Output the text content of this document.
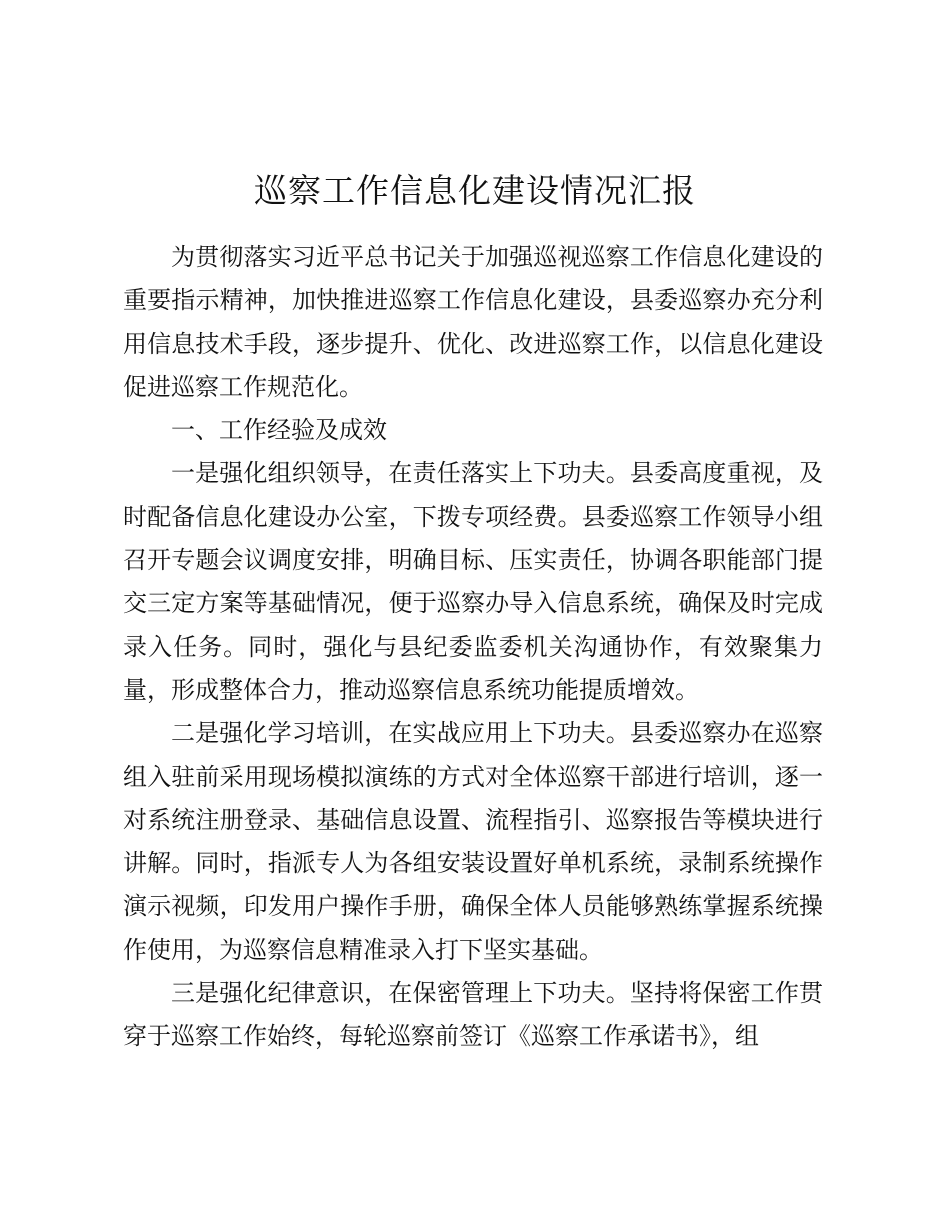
巡察工作信息化建设情况汇报

为贯彻落实习近平总书记关于加强巡视巡察工作信息化建设的重要指示精神，加快推进巡察工作信息化建设，县委巡察办充分利用信息技术手段，逐步提升、优化、改进巡察工作，以信息化建设促进巡察工作规范化。

一、工作经验及成效

一是强化组织领导，在责任落实上下功夫。县委高度重视，及时配备信息化建设办公室，下拨专项经费。县委巡察工作领导小组召开专题会议调度安排，明确目标、压实责任，协调各职能部门提交三定方案等基础情况，便于巡察办导入信息系统，确保及时完成录入任务。同时，强化与县纪委监委机关沟通协作，有效聚集力量，形成整体合力，推动巡察信息系统功能提质增效。

二是强化学习培训，在实战应用上下功夫。县委巡察办在巡察组入驻前采用现场模拟演练的方式对全体巡察干部进行培训，逐一对系统注册登录、基础信息设置、流程指引、巡察报告等模块进行讲解。同时，指派专人为各组安装设置好单机系统，录制系统操作演示视频，印发用户操作手册，确保全体人员能够熟练掌握系统操作使用，为巡察信息精准录入打下坚实基础。

三是强化纪律意识，在保密管理上下功夫。坚持将保密工作贯穿于巡察工作始终，每轮巡察前签订《巡察工作承诺书》，组
